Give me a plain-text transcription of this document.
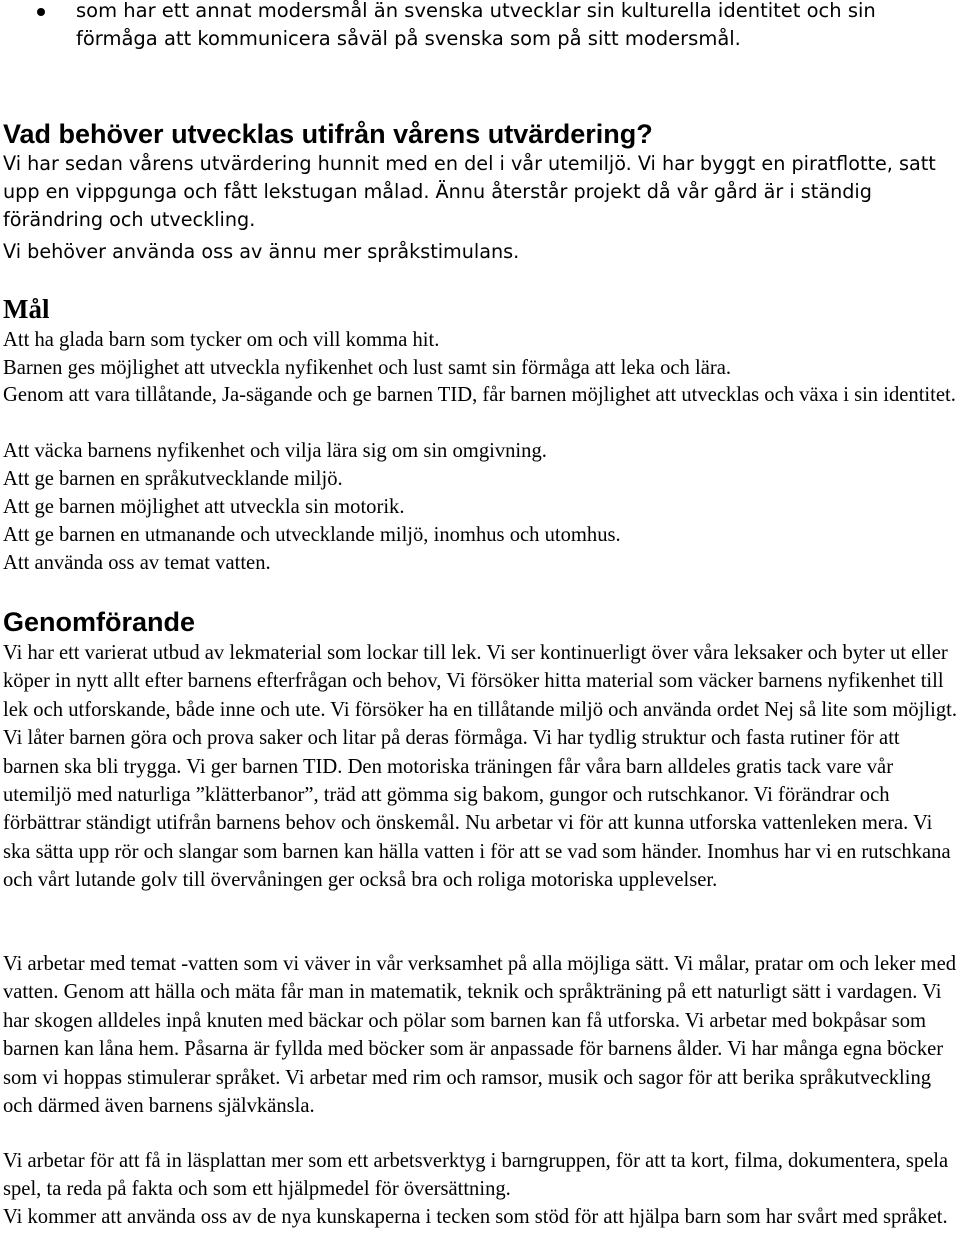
som har ett annat modersmål än svenska utvecklar sin kulturella identitet och sin förmåga att kommunicera såväl på svenska som på sitt modersmål.

Vad behöver utvecklas utifrån vårens utvärdering?

Vi har sedan vårens utvärdering hunnit med en del i vår utemiljö. Vi har byggt en piratflotte, satt upp en vippgunga och fått lekstugan målad. Ännu återstår projekt då vår gård är i ständig förändring och utveckling.

Vi behöver använda oss av ännu mer språkstimulans.

Mål

Att ha glada barn som tycker om och vill komma hit.

Barnen ges möjlighet att utveckla nyfikenhet och lust samt sin förmåga att leka och lära.

Genom att vara tillåtande, Ja-sägande och ge barnen TID, får barnen möjlighet att utvecklas och växa i sin identitet.

Att väcka barnens nyfikenhet och vilja lära sig om sin omgivning.

Att ge barnen en språkutvecklande miljö.

Att ge barnen möjlighet att utveckla sin motorik.

Att ge barnen en utmanande och utvecklande miljö, inomhus och utomhus.

Att använda oss av temat vatten.

Genomförande

Vi har ett varierat utbud av lekmaterial som lockar till lek. Vi ser kontinuerligt över våra leksaker och byter ut eller köper in nytt allt efter barnens efterfrågan och behov, Vi försöker hitta material som väcker barnens nyfikenhet till lek och utforskande, både inne och ute. Vi försöker ha en tillåtande miljö och använda ordet Nej så lite som möjligt. Vi låter barnen göra och prova saker och litar på deras förmåga. Vi har tydlig struktur och fasta rutiner för att barnen ska bli trygga. Vi ger barnen TID. Den motoriska träningen får våra barn alldeles gratis tack vare vår utemiljö med naturliga ”klätterbanor”, träd att gömma sig bakom, gungor och rutschkanor. Vi förändrar och förbättrar ständigt utifrån barnens behov och önskemål. Nu arbetar vi för att kunna utforska vattenleken mera. Vi ska sätta upp rör och slangar som barnen kan hälla vatten i för att se vad som händer. Inomhus har vi en rutschkana och vårt lutande golv till övervåningen ger också bra och roliga motoriska upplevelser.

Vi arbetar med temat -vatten som vi väver in vår verksamhet på alla möjliga sätt. Vi målar, pratar om och leker med vatten. Genom att hälla och mäta får man in matematik, teknik och språkträning på ett naturligt sätt i vardagen. Vi har skogen alldeles inpå knuten med bäckar och pölar som barnen kan få utforska. Vi arbetar med bokpåsar som barnen kan låna hem. Påsarna är fyllda med böcker som är anpassade för barnens ålder. Vi har många egna böcker som vi hoppas stimulerar språket. Vi arbetar med rim och ramsor, musik och sagor för att berika språkutveckling och därmed även barnens självkänsla.

Vi arbetar för att få in läsplattan mer som ett arbetsverktyg i barngruppen, för att ta kort, filma, dokumentera, spela spel, ta reda på fakta och som ett hjälpmedel för översättning.

Vi kommer att använda oss av de nya kunskaperna i tecken som stöd för att hjälpa barn som har svårt med språket.
